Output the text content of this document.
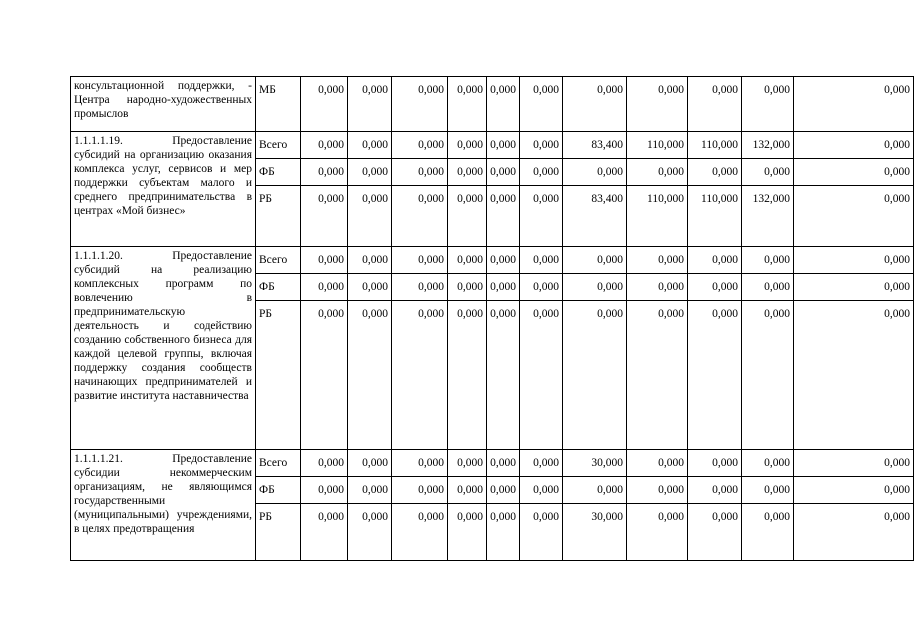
консультационной поддержки, - Центра народно-художественных промыслов	МБ	0,000	0,000	0,000	0,000	0,000	0,000	0,000	0,000	0,000	0,000	0,000
1.1.1.1.19. Предоставление субсидий на организацию оказания комплекса услуг, сервисов и мер поддержки субъектам малого и среднего предпринимательства в центрах «Мой бизнес»	Всего	0,000	0,000	0,000	0,000	0,000	0,000	83,400	110,000	110,000	132,000	0,000
	ФБ	0,000	0,000	0,000	0,000	0,000	0,000	0,000	0,000	0,000	0,000	0,000
	РБ	0,000	0,000	0,000	0,000	0,000	0,000	83,400	110,000	110,000	132,000	0,000
1.1.1.1.20. Предоставление субсидий на реализацию комплексных программ по вовлечению в предпринимательскую деятельность и содействию созданию собственного бизнеса для каждой целевой группы, включая поддержку создания сообществ начинающих предпринимателей и развитие института наставничества	Всего	0,000	0,000	0,000	0,000	0,000	0,000	0,000	0,000	0,000	0,000	0,000
	ФБ	0,000	0,000	0,000	0,000	0,000	0,000	0,000	0,000	0,000	0,000	0,000
	РБ	0,000	0,000	0,000	0,000	0,000	0,000	0,000	0,000	0,000	0,000	0,000
1.1.1.1.21. Предоставление субсидии некоммерческим организациям, не являющимся государственными (муниципальными) учреждениями, в целях предотвращения	Всего	0,000	0,000	0,000	0,000	0,000	0,000	30,000	0,000	0,000	0,000	0,000
	ФБ	0,000	0,000	0,000	0,000	0,000	0,000	0,000	0,000	0,000	0,000	0,000
	РБ	0,000	0,000	0,000	0,000	0,000	0,000	30,000	0,000	0,000	0,000	0,000
